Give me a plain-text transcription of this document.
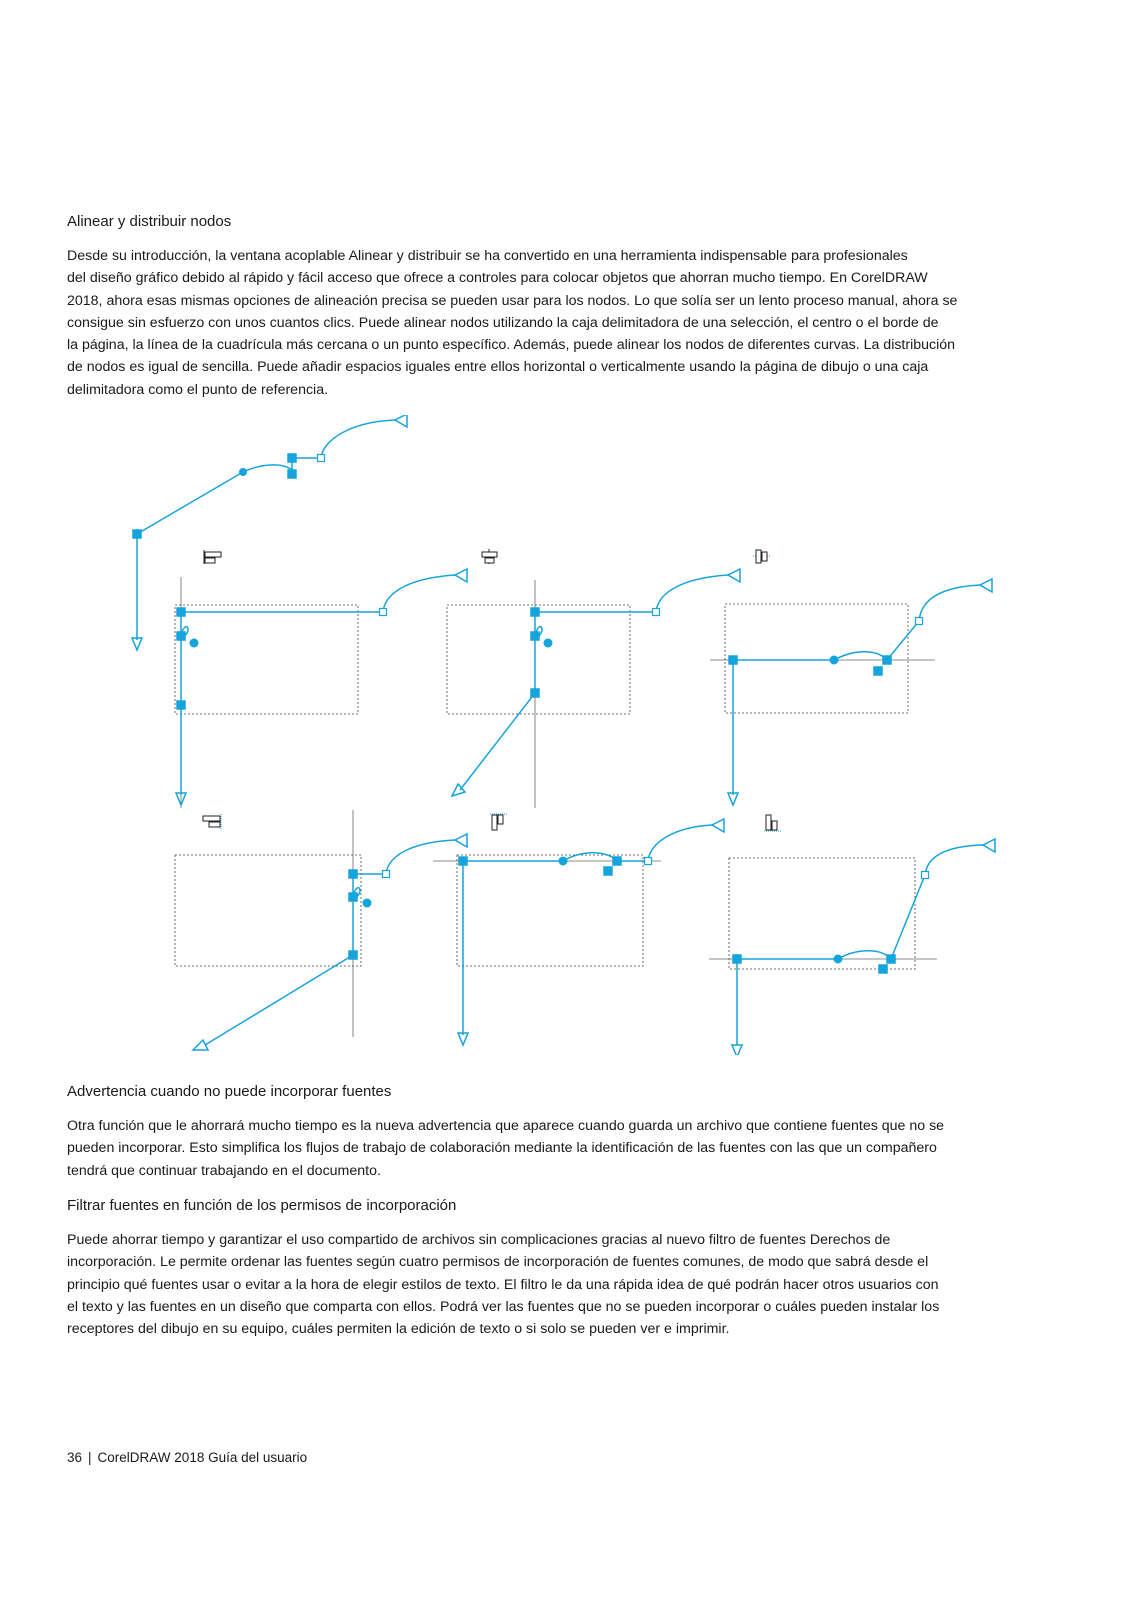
Alinear y distribuir nodos

Desde su introducción, la ventana acoplable Alinear y distribuir se ha convertido en una herramienta indispensable para profesionales
del diseño gráfico debido al rápido y fácil acceso que ofrece a controles para colocar objetos que ahorran mucho tiempo. En CorelDRAW
2018, ahora esas mismas opciones de alineación precisa se pueden usar para los nodos. Lo que solía ser un lento proceso manual, ahora se
consigue sin esfuerzo con unos cuantos clics. Puede alinear nodos utilizando la caja delimitadora de una selección, el centro o el borde de
la página, la línea de la cuadrícula más cercana o un punto específico. Además, puede alinear los nodos de diferentes curvas. La distribución
de nodos es igual de sencilla. Puede añadir espacios iguales entre ellos horizontal o verticalmente usando la página de dibujo o una caja
delimitadora como el punto de referencia.

Advertencia cuando no puede incorporar fuentes

Otra función que le ahorrará mucho tiempo es la nueva advertencia que aparece cuando guarda un archivo que contiene fuentes que no se
pueden incorporar. Esto simplifica los flujos de trabajo de colaboración mediante la identificación de las fuentes con las que un compañero
tendrá que continuar trabajando en el documento.

Filtrar fuentes en función de los permisos de incorporación

Puede ahorrar tiempo y garantizar el uso compartido de archivos sin complicaciones gracias al nuevo filtro de fuentes Derechos de
incorporación. Le permite ordenar las fuentes según cuatro permisos de incorporación de fuentes comunes, de modo que sabrá desde el
principio qué fuentes usar o evitar a la hora de elegir estilos de texto. El filtro le da una rápida idea de qué podrán hacer otros usuarios con
el texto y las fuentes en un diseño que comparta con ellos. Podrá ver las fuentes que no se pueden incorporar o cuáles pueden instalar los
receptores del dibujo en su equipo, cuáles permiten la edición de texto o si solo se pueden ver e imprimir.

36 | CorelDRAW 2018 Guía del usuario
